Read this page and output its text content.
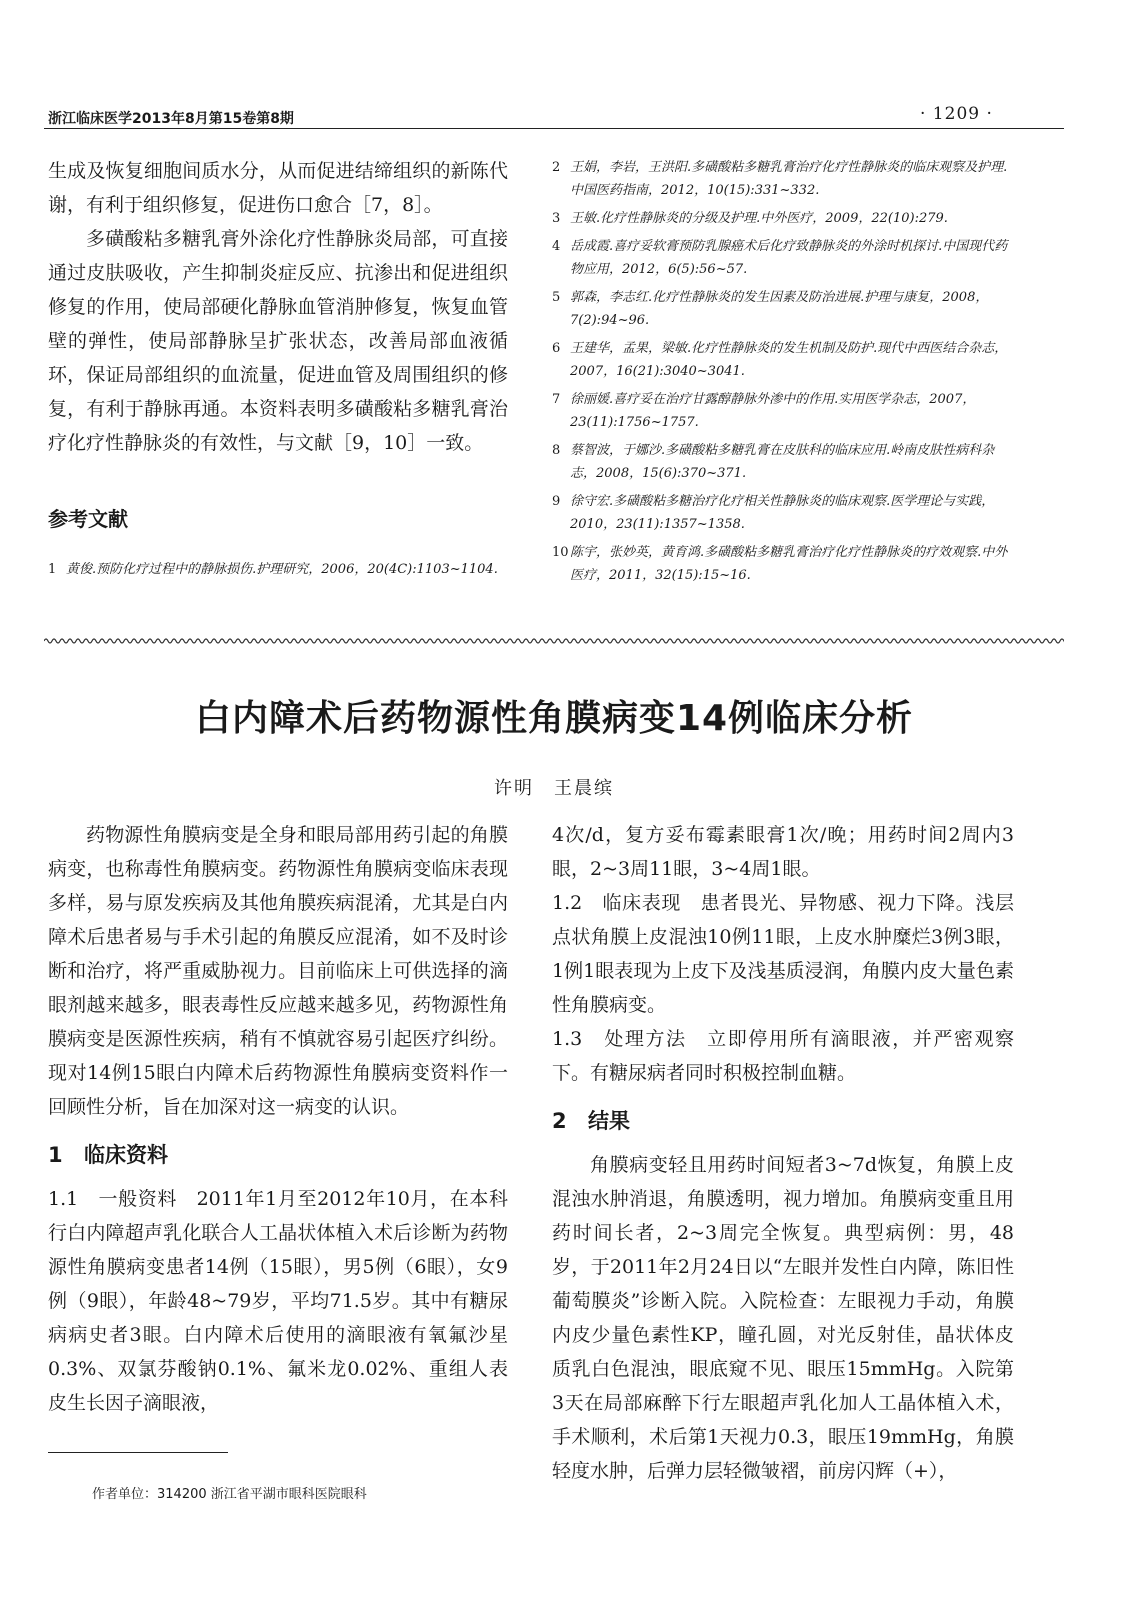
浙江临床医学2013年8月第15卷第8期	· 1209 ·

生成及恢复细胞间质水分，从而促进结缔组织的新陈代谢，有利于组织修复，促进伤口愈合［7，8］。

多磺酸粘多糖乳膏外涂化疗性静脉炎局部，可直接通过皮肤吸收，产生抑制炎症反应、抗渗出和促进组织修复的作用，使局部硬化静脉血管消肿修复，恢复血管壁的弹性，使局部静脉呈扩张状态，改善局部血液循环，保证局部组织的血流量，促进血管及周围组织的修复，有利于静脉再通。本资料表明多磺酸粘多糖乳膏治疗化疗性静脉炎的有效性，与文献［9，10］一致。

参考文献

1 黄俊.预防化疗过程中的静脉损伤.护理研究，2006，20(4C):1103~1104.

2 王娟，李岩，王洪阳.多磺酸粘多糖乳膏治疗化疗性静脉炎的临床观察及护理.中国医药指南，2012，10(15):331~332.

3 王敏.化疗性静脉炎的分级及护理.中外医疗，2009，22(10):279.

4 岳成霞.喜疗妥软膏预防乳腺癌术后化疗致静脉炎的外涂时机探讨.中国现代药物应用，2012，6(5):56~57.

5 郭森，李志红.化疗性静脉炎的发生因素及防治进展.护理与康复，2008，7(2):94~96.

6 王建华，孟果，梁敏.化疗性静脉炎的发生机制及防护.现代中西医结合杂志，2007，16(21):3040~3041.

7 徐丽媛.喜疗妥在治疗甘露醇静脉外渗中的作用.实用医学杂志，2007，23(11):1756~1757.

8 蔡智波，于娜沙.多磺酸粘多糖乳膏在皮肤科的临床应用.岭南皮肤性病科杂志，2008，15(6):370~371.

9 徐守宏.多磺酸粘多糖治疗化疗相关性静脉炎的临床观察.医学理论与实践，2010，23(11):1357~1358.

10陈宇，张妙英，黄育鸿.多磺酸粘多糖乳膏治疗化疗性静脉炎的疗效观察.中外医疗，2011，32(15):15~16.

白内障术后药物源性角膜病变14例临床分析
许明　王晨缤

药物源性角膜病变是全身和眼局部用药引起的角膜病变，也称毒性角膜病变。药物源性角膜病变临床表现多样，易与原发疾病及其他角膜疾病混淆，尤其是白内障术后患者易与手术引起的角膜反应混淆，如不及时诊断和治疗，将严重威胁视力。目前临床上可供选择的滴眼剂越来越多，眼表毒性反应越来越多见，药物源性角膜病变是医源性疾病，稍有不慎就容易引起医疗纠纷。现对14例15眼白内障术后药物源性角膜病变资料作一回顾性分析，旨在加深对这一病变的认识。

1 临床资料

1.1　一般资料　2011年1月至2012年10月，在本科行白内障超声乳化联合人工晶状体植入术后诊断为药物源性角膜病变患者14例（15眼），男5例（6眼），女9例（9眼），年龄48~79岁，平均71.5岁。其中有糖尿病病史者3眼。白内障术后使用的滴眼液有氧氟沙星0.3%、双氯芬酸钠0.1%、氟米龙0.02%、重组人表皮生长因子滴眼液，

4次/d，复方妥布霉素眼膏1次/晚；用药时间2周内3眼，2~3周11眼，3~4周1眼。

1.2　临床表现　患者畏光、异物感、视力下降。浅层点状角膜上皮混浊10例11眼，上皮水肿糜烂3例3眼，1例1眼表现为上皮下及浅基质浸润，角膜内皮大量色素性角膜病变。

1.3　处理方法　立即停用所有滴眼液，并严密观察下。有糖尿病者同时积极控制血糖。

2 结果

角膜病变轻且用药时间短者3~7d恢复，角膜上皮混浊水肿消退，角膜透明，视力增加。角膜病变重且用药时间长者，2~3周完全恢复。典型病例：男，48岁，于2011年2月24日以“左眼并发性白内障，陈旧性葡萄膜炎”诊断入院。入院检查：左眼视力手动，角膜内皮少量色素性KP，瞳孔圆，对光反射佳，晶状体皮质乳白色混浊，眼底窥不见、眼压15mmHg。入院第3天在局部麻醉下行左眼超声乳化加人工晶体植入术，手术顺利，术后第1天视力0.3，眼压19mmHg，角膜轻度水肿，后弹力层轻微皱褶，前房闪辉（+），

作者单位：314200 浙江省平湖市眼科医院眼科
